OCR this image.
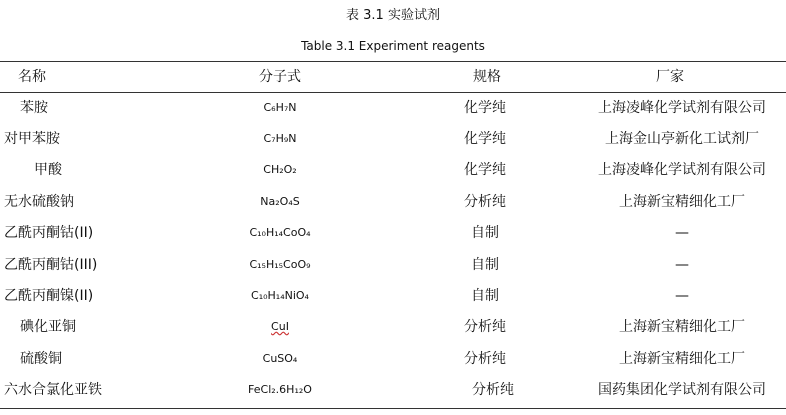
表 3.1 实验试剂
Table 3.1 Experiment reagents
名称	分子式	规格	厂家
苯胺	C₆H₇N	化学纯	上海凌峰化学试剂有限公司
对甲苯胺	C₇H₉N	化学纯	上海金山亭新化工试剂厂
甲酸	CH₂O₂	化学纯	上海凌峰化学试剂有限公司
无水硫酸钠	Na₂O₄S	分析纯	上海新宝精细化工厂
乙酰丙酮钴(II)	C₁₀H₁₄CoO₄	自制	—
乙酰丙酮钴(III)	C₁₅H₁₅CoO₉	自制	—
乙酰丙酮镍(II)	C₁₀H₁₄NiO₄	自制	—
碘化亚铜	CuI	分析纯	上海新宝精细化工厂
硫酸铜	CuSO₄	分析纯	上海新宝精细化工厂
六水合氯化亚铁	FeCl₂.6H₁₂O	分析纯	国药集团化学试剂有限公司
